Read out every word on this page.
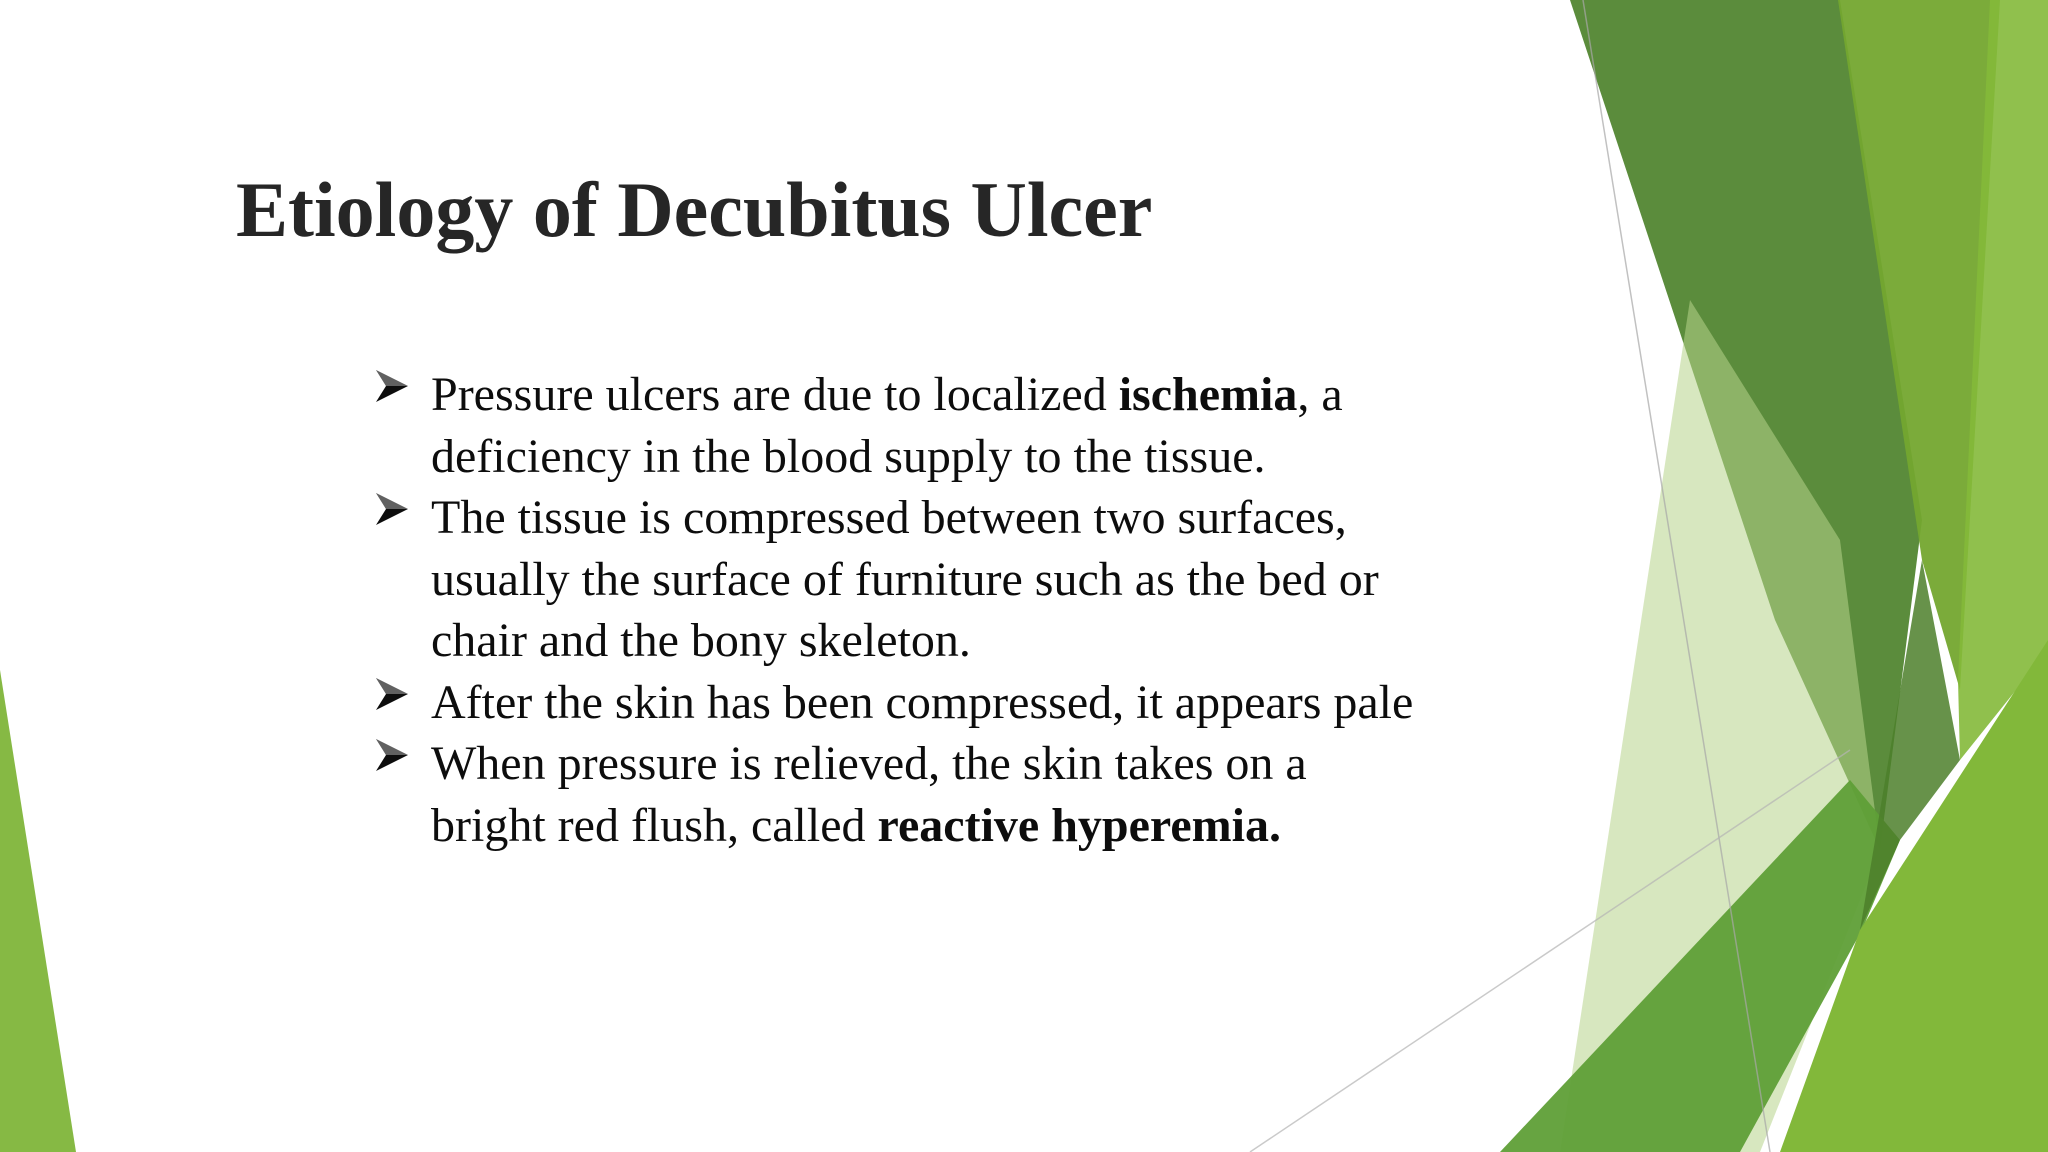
Etiology of Decubitus Ulcer
Pressure ulcers are due to localized ischemia, a deficiency in the blood supply to the tissue.
The tissue is compressed between two surfaces, usually the surface of furniture such as the bed or chair and the bony skeleton.
After the skin has been compressed, it appears pale
When pressure is relieved, the skin takes on a bright red flush, called reactive hyperemia.
